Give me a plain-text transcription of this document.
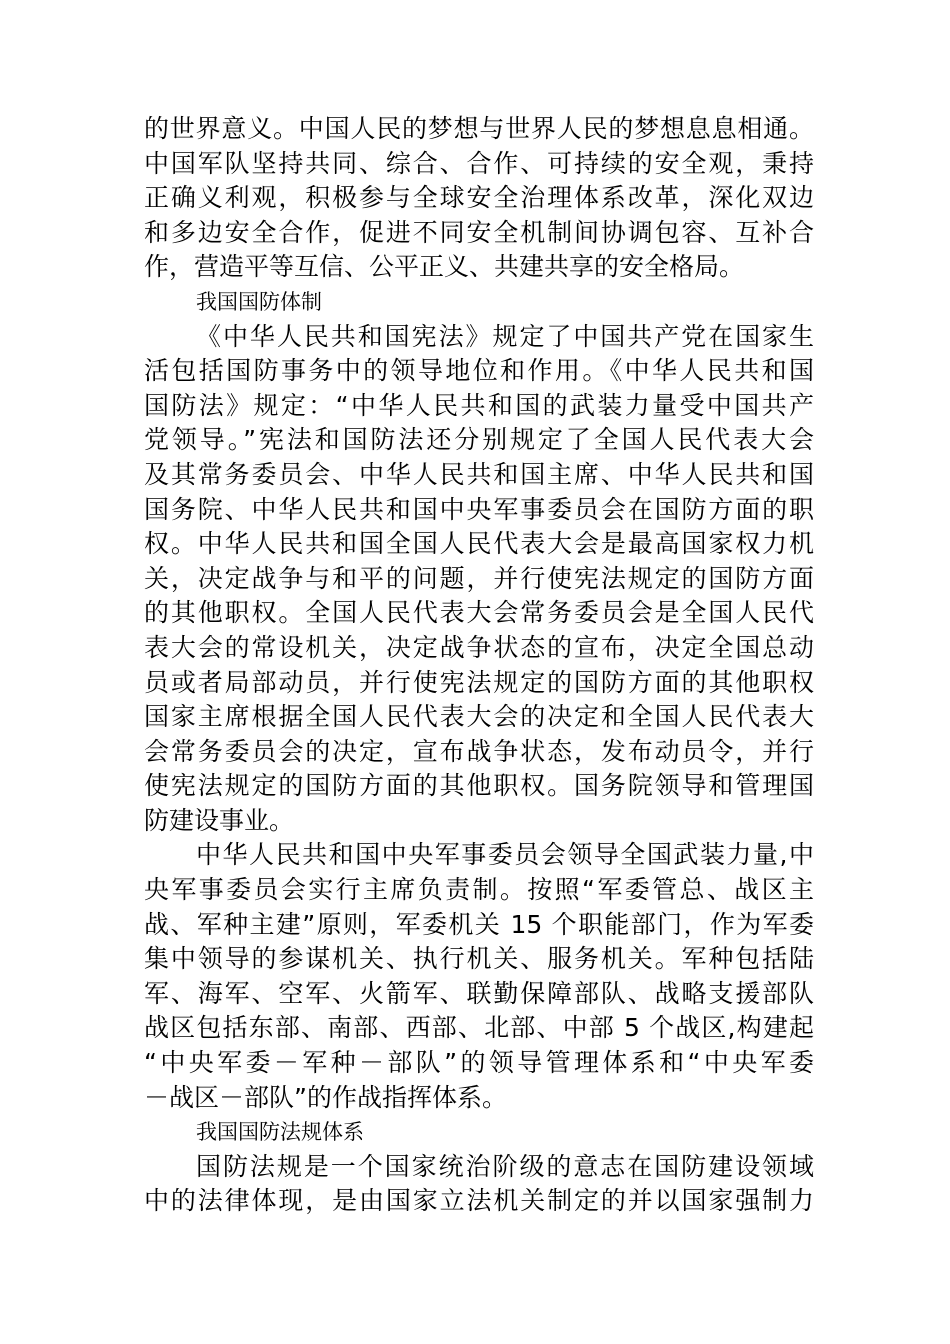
的世界意义。中国人民的梦想与世界人民的梦想息息相通。
中国军队坚持共同、综合、合作、可持续的安全观，秉持
正确义利观，积极参与全球安全治理体系改革，深化双边
和多边安全合作，促进不同安全机制间协调包容、互补合
作，营造平等互信、公平正义、共建共享的安全格局。
我国国防体制
《中华人民共和国宪法》规定了中国共产党在国家生
活包括国防事务中的领导地位和作用。《中华人民共和国
国防法》规定：“中华人民共和国的武装力量受中国共产
党领导。”宪法和国防法还分别规定了全国人民代表大会
及其常务委员会、中华人民共和国主席、中华人民共和国
国务院、中华人民共和国中央军事委员会在国防方面的职
权。中华人民共和国全国人民代表大会是最高国家权力机
关，决定战争与和平的问题，并行使宪法规定的国防方面
的其他职权。全国人民代表大会常务委员会是全国人民代
表大会的常设机关，决定战争状态的宣布，决定全国总动
员或者局部动员，并行使宪法规定的国防方面的其他职权
国家主席根据全国人民代表大会的决定和全国人民代表大
会常务委员会的决定，宣布战争状态，发布动员令，并行
使宪法规定的国防方面的其他职权。国务院领导和管理国
防建设事业。
中华人民共和国中央军事委员会领导全国武装力量,中
央军事委员会实行主席负责制。按照“军委管总、战区主
战、军种主建”原则，军委机关 15 个职能部门，作为军委
集中领导的参谋机关、执行机关、服务机关。军种包括陆
军、海军、空军、火箭军、联勤保障部队、战略支援部队
战区包括东部、南部、西部、北部、中部 5 个战区,构建起
“中央军委－军种－部队”的领导管理体系和“中央军委
－战区－部队”的作战指挥体系。
我国国防法规体系
国防法规是一个国家统治阶级的意志在国防建设领域
中的法律体现，是由国家立法机关制定的并以国家强制力
